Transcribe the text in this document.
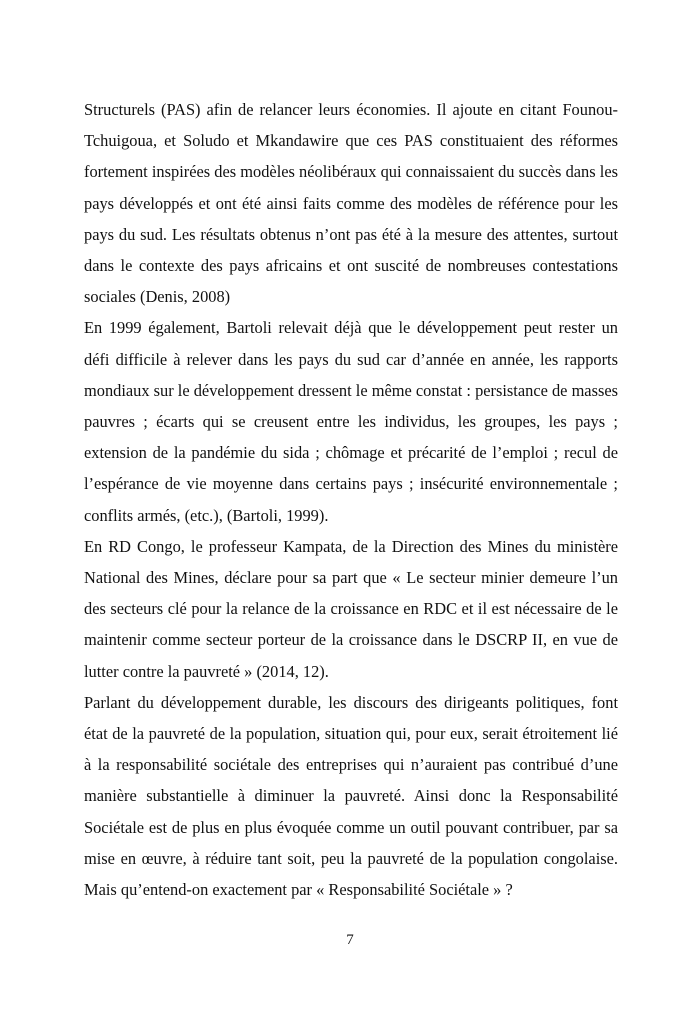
Structurels (PAS) afin de relancer leurs économies. Il ajoute en citant Founou-Tchuigoua, et Soludo et Mkandawire que ces PAS constituaient des réformes fortement inspirées des modèles néolibéraux qui connaissaient du succès dans les pays développés et ont été ainsi faits comme des modèles de référence pour les pays du sud. Les résultats obtenus n’ont pas été à la mesure des attentes, surtout dans le contexte des pays africains et ont suscité de nombreuses contestations sociales (Denis, 2008)

En 1999 également, Bartoli relevait déjà que le développement peut rester un défi difficile à relever dans les pays du sud car d’année en année, les rapports mondiaux sur le développement dressent le même constat : persistance de masses pauvres ; écarts qui se creusent entre les individus, les groupes, les pays ; extension de la pandémie du sida ; chômage et précarité de l’emploi ; recul de l’espérance de vie moyenne dans certains pays ; insécurité environnementale ; conflits armés, (etc.), (Bartoli, 1999).

En RD Congo, le professeur Kampata, de la Direction des Mines du ministère National des Mines, déclare pour sa part que « Le secteur minier demeure l’un des secteurs clé pour la relance de la croissance en RDC et il est nécessaire de le maintenir comme secteur porteur de la croissance dans le DSCRP II, en vue de lutter contre la pauvreté » (2014, 12).

Parlant du développement durable, les discours des dirigeants politiques, font état de la pauvreté de la population, situation qui, pour eux, serait étroitement lié à la responsabilité sociétale des entreprises qui n’auraient pas contribué d’une manière substantielle à diminuer la pauvreté. Ainsi donc la Responsabilité Sociétale est de plus en plus évoquée comme un outil pouvant contribuer, par sa mise en œuvre, à réduire tant soit, peu la pauvreté de la population congolaise. Mais qu’entend-on exactement par « Responsabilité Sociétale » ?

7
